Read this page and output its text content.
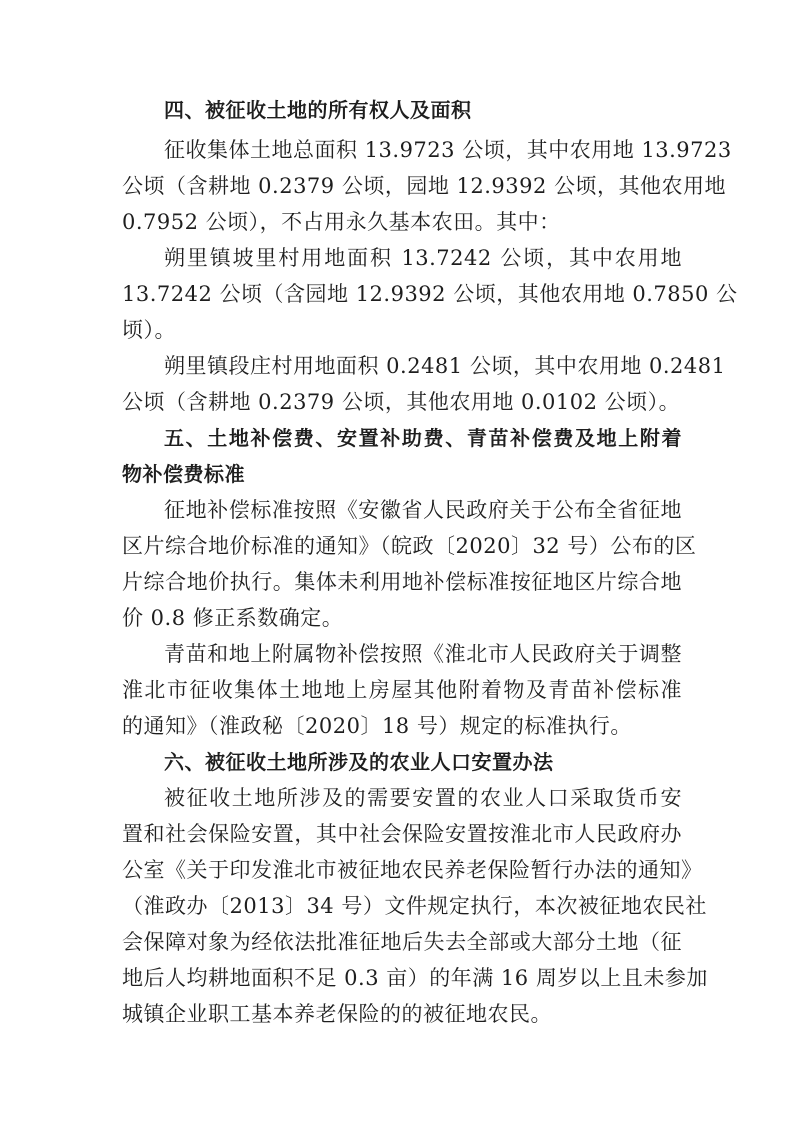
四、被征收土地的所有权人及面积
征收集体土地总面积 13.9723 公顷，其中农用地 13.9723
公顷（含耕地 0.2379 公顷，园地 12.9392 公顷，其他农用地
0.7952 公顷），不占用永久基本农田。其中：
朔里镇坡里村用地面积 13.7242 公顷，其中农用地
13.7242 公顷（含园地 12.9392 公顷，其他农用地 0.7850 公
顷）。
朔里镇段庄村用地面积 0.2481 公顷，其中农用地 0.2481
公顷（含耕地 0.2379 公顷，其他农用地 0.0102 公顷）。
五、土地补偿费、安置补助费、青苗补偿费及地上附着
物补偿费标准
征地补偿标准按照《安徽省人民政府关于公布全省征地
区片综合地价标准的通知》（皖政〔2020〕32 号）公布的区
片综合地价执行。集体未利用地补偿标准按征地区片综合地
价 0.8 修正系数确定。
青苗和地上附属物补偿按照《淮北市人民政府关于调整
淮北市征收集体土地地上房屋其他附着物及青苗补偿标准
的通知》（淮政秘〔2020〕18 号）规定的标准执行。
六、被征收土地所涉及的农业人口安置办法
被征收土地所涉及的需要安置的农业人口采取货币安
置和社会保险安置，其中社会保险安置按淮北市人民政府办
公室《关于印发淮北市被征地农民养老保险暂行办法的通知》
（淮政办〔2013〕34 号）文件规定执行，本次被征地农民社
会保障对象为经依法批准征地后失去全部或大部分土地（征
地后人均耕地面积不足 0.3 亩）的年满 16 周岁以上且未参加
城镇企业职工基本养老保险的的被征地农民。
